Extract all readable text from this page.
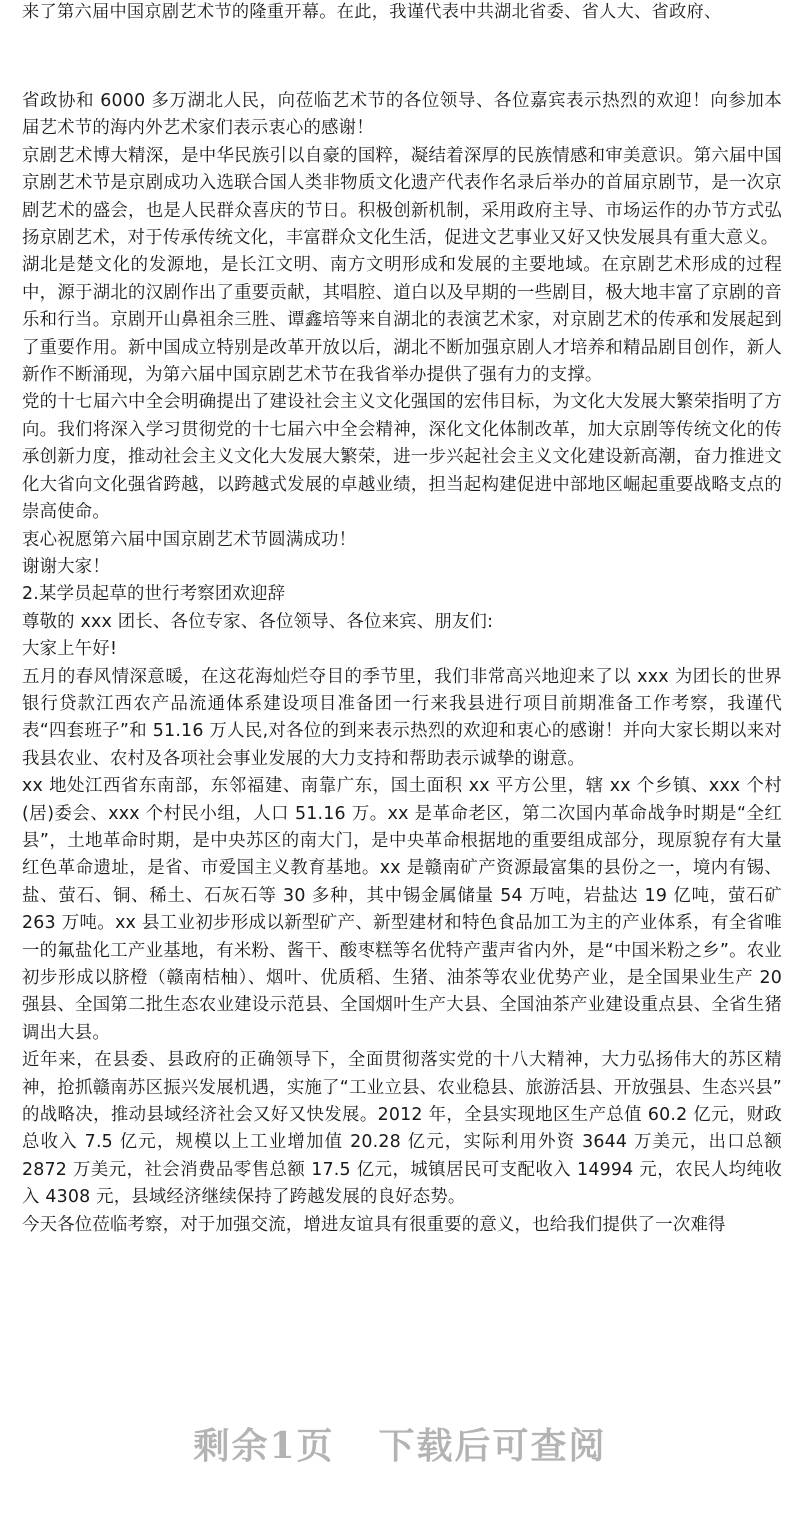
来了第六届中国京剧艺术节的隆重开幕。在此，我谨代表中共湖北省委、省人大、省政府、

省政协和 6000 多万湖北人民，向莅临艺术节的各位领导、各位嘉宾表示热烈的欢迎！向参加本届艺术节的海内外艺术家们表示衷心的感谢！

京剧艺术博大精深，是中华民族引以自豪的国粹，凝结着深厚的民族情感和审美意识。第六届中国京剧艺术节是京剧成功入选联合国人类非物质文化遗产代表作名录后举办的首届京剧节，是一次京剧艺术的盛会，也是人民群众喜庆的节日。积极创新机制，采用政府主导、市场运作的办节方式弘扬京剧艺术，对于传承传统文化，丰富群众文化生活，促进文艺事业又好又快发展具有重大意义。

湖北是楚文化的发源地，是长江文明、南方文明形成和发展的主要地域。在京剧艺术形成的过程中，源于湖北的汉剧作出了重要贡献，其唱腔、道白以及早期的一些剧目，极大地丰富了京剧的音乐和行当。京剧开山鼻祖余三胜、谭鑫培等来自湖北的表演艺术家，对京剧艺术的传承和发展起到了重要作用。新中国成立特别是改革开放以后，湖北不断加强京剧人才培养和精品剧目创作，新人新作不断涌现，为第六届中国京剧艺术节在我省举办提供了强有力的支撑。

党的十七届六中全会明确提出了建设社会主义文化强国的宏伟目标，为文化大发展大繁荣指明了方向。我们将深入学习贯彻党的十七届六中全会精神，深化文化体制改革，加大京剧等传统文化的传承创新力度，推动社会主义文化大发展大繁荣，进一步兴起社会主义文化建设新高潮，奋力推进文化大省向文化强省跨越，以跨越式发展的卓越业绩，担当起构建促进中部地区崛起重要战略支点的崇高使命。

衷心祝愿第六届中国京剧艺术节圆满成功！

谢谢大家！

2.某学员起草的世行考察团欢迎辞

尊敬的 xxx 团长、各位专家、各位领导、各位来宾、朋友们:

大家上午好!

五月的春风情深意暖，在这花海灿烂夺目的季节里，我们非常高兴地迎来了以 xxx 为团长的世界银行贷款江西农产品流通体系建设项目准备团一行来我县进行项目前期准备工作考察，我谨代表“四套班子”和 51.16 万人民,对各位的到来表示热烈的欢迎和衷心的感谢！并向大家长期以来对我县农业、农村及各项社会事业发展的大力支持和帮助表示诚挚的谢意。

xx 地处江西省东南部，东邻福建、南靠广东，国土面积 xx 平方公里，辖 xx 个乡镇、xxx 个村(居)委会、xxx 个村民小组，人口 51.16 万。xx 是革命老区，第二次国内革命战争时期是“全红县”，土地革命时期，是中央苏区的南大门，是中央革命根据地的重要组成部分，现原貌存有大量红色革命遗址，是省、市爱国主义教育基地。xx 是赣南矿产资源最富集的县份之一，境内有锡、盐、萤石、铜、稀土、石灰石等 30 多种，其中锡金属储量 54 万吨，岩盐达 19 亿吨，萤石矿 263 万吨。xx 县工业初步形成以新型矿产、新型建材和特色食品加工为主的产业体系，有全省唯一的氟盐化工产业基地，有米粉、酱干、酸枣糕等名优特产蜚声省内外，是“中国米粉之乡”。农业初步形成以脐橙（赣南桔柚）、烟叶、优质稻、生猪、油茶等农业优势产业，是全国果业生产 20 强县、全国第二批生态农业建设示范县、全国烟叶生产大县、全国油茶产业建设重点县、全省生猪调出大县。

近年来，在县委、县政府的正确领导下，全面贯彻落实党的十八大精神，大力弘扬伟大的苏区精神，抢抓赣南苏区振兴发展机遇，实施了“工业立县、农业稳县、旅游活县、开放强县、生态兴县” 的战略决，推动县域经济社会又好又快发展。2012 年，全县实现地区生产总值 60.2 亿元，财政总收入 7.5 亿元，规模以上工业增加值 20.28 亿元，实际利用外资 3644 万美元，出口总额 2872 万美元，社会消费品零售总额 17.5 亿元，城镇居民可支配收入 14994 元，农民人均纯收入 4308 元，县域经济继续保持了跨越发展的良好态势。

今天各位莅临考察，对于加强交流，增进友谊具有很重要的意义，也给我们提供了一次难得

剩余1页 下载后可查阅
